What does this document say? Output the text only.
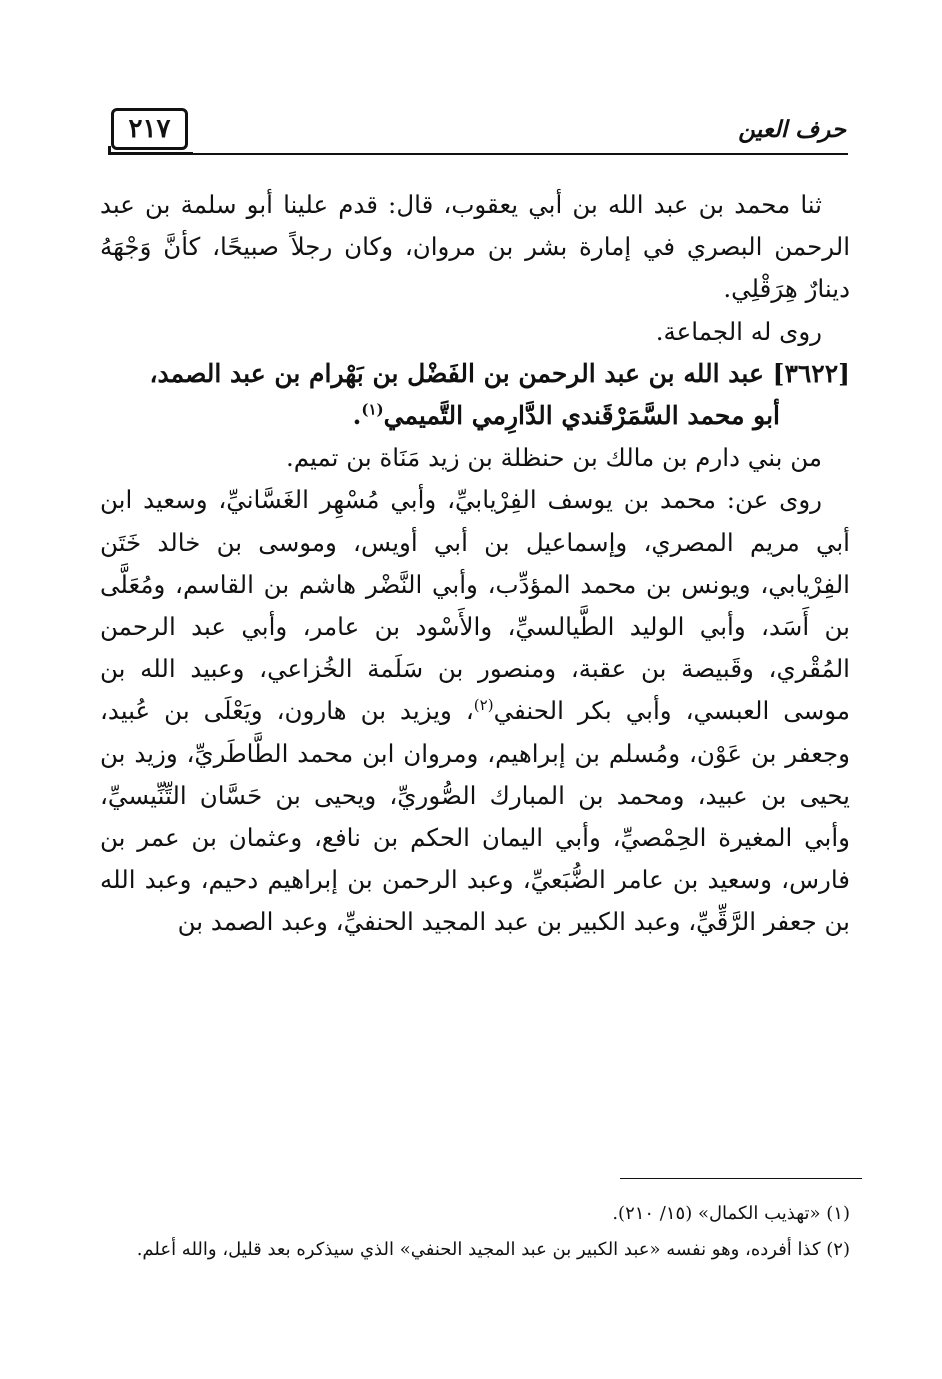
٢١٧	حرف العين

ثنا محمد بن عبد الله بن أبي يعقوب، قال: قدم علينا أبو سلمة بن عبد الرحمن البصري في إمارة بشر بن مروان، وكان رجلاً صبيحًا، كأنَّ وَجْهَهُ دينارٌ هِرَقْلِي.

روى له الجماعة.

[٣٦٢٢] عبد الله بن عبد الرحمن بن الفَضْل بن بَهْرام بن عبد الصمد،
أبو محمد السَّمَرْقَندي الدَّارِمي التَّميمي$^{(١)}$.

من بني دارم بن مالك بن حنظلة بن زيد مَنَاة بن تميم.

روى عن: محمد بن يوسف الفِرْيابيِّ، وأبي مُسْهِر الغَسَّانيِّ، وسعيد ابن أبي مريم المصري، وإسماعيل بن أبي أويس، وموسى بن خالد خَتَن الفِرْيابي، ويونس بن محمد المؤدِّب، وأبي النَّضْر هاشم بن القاسم، ومُعَلَّى بن أَسَد، وأبي الوليد الطَّيالسيِّ، والأَسْود بن عامر، وأبي عبد الرحمن المُقْري، وقَبيصة بن عقبة، ومنصور بن سَلَمة الخُزاعي، وعبيد الله بن موسى العبسي، وأبي بكر الحنفي$^{(٢)}$، ويزيد بن هارون، ويَعْلَى بن عُبيد، وجعفر بن عَوْن، ومُسلم بن إبراهيم، ومروان ابن محمد الطَّاطَريِّ، وزيد بن يحيى بن عبيد، ومحمد بن المبارك الصُّوريِّ، ويحيى بن حَسَّان التِّنِّيسيِّ، وأبي المغيرة الحِمْصيِّ، وأبي اليمان الحكم بن نافع، وعثمان بن عمر بن فارس، وسعيد بن عامر الضُّبَعيِّ، وعبد الرحمن بن إبراهيم دحيم، وعبد الله بن جعفر الرَّقِّيِّ، وعبد الكبير بن عبد المجيد الحنفيِّ، وعبد الصمد بن

(١) «تهذيب الكمال» (١٥/ ٢١٠).

(٢) كذا أفرده، وهو نفسه «عبد الكبير بن عبد المجيد الحنفي» الذي سيذكره بعد قليل، والله أعلم.
